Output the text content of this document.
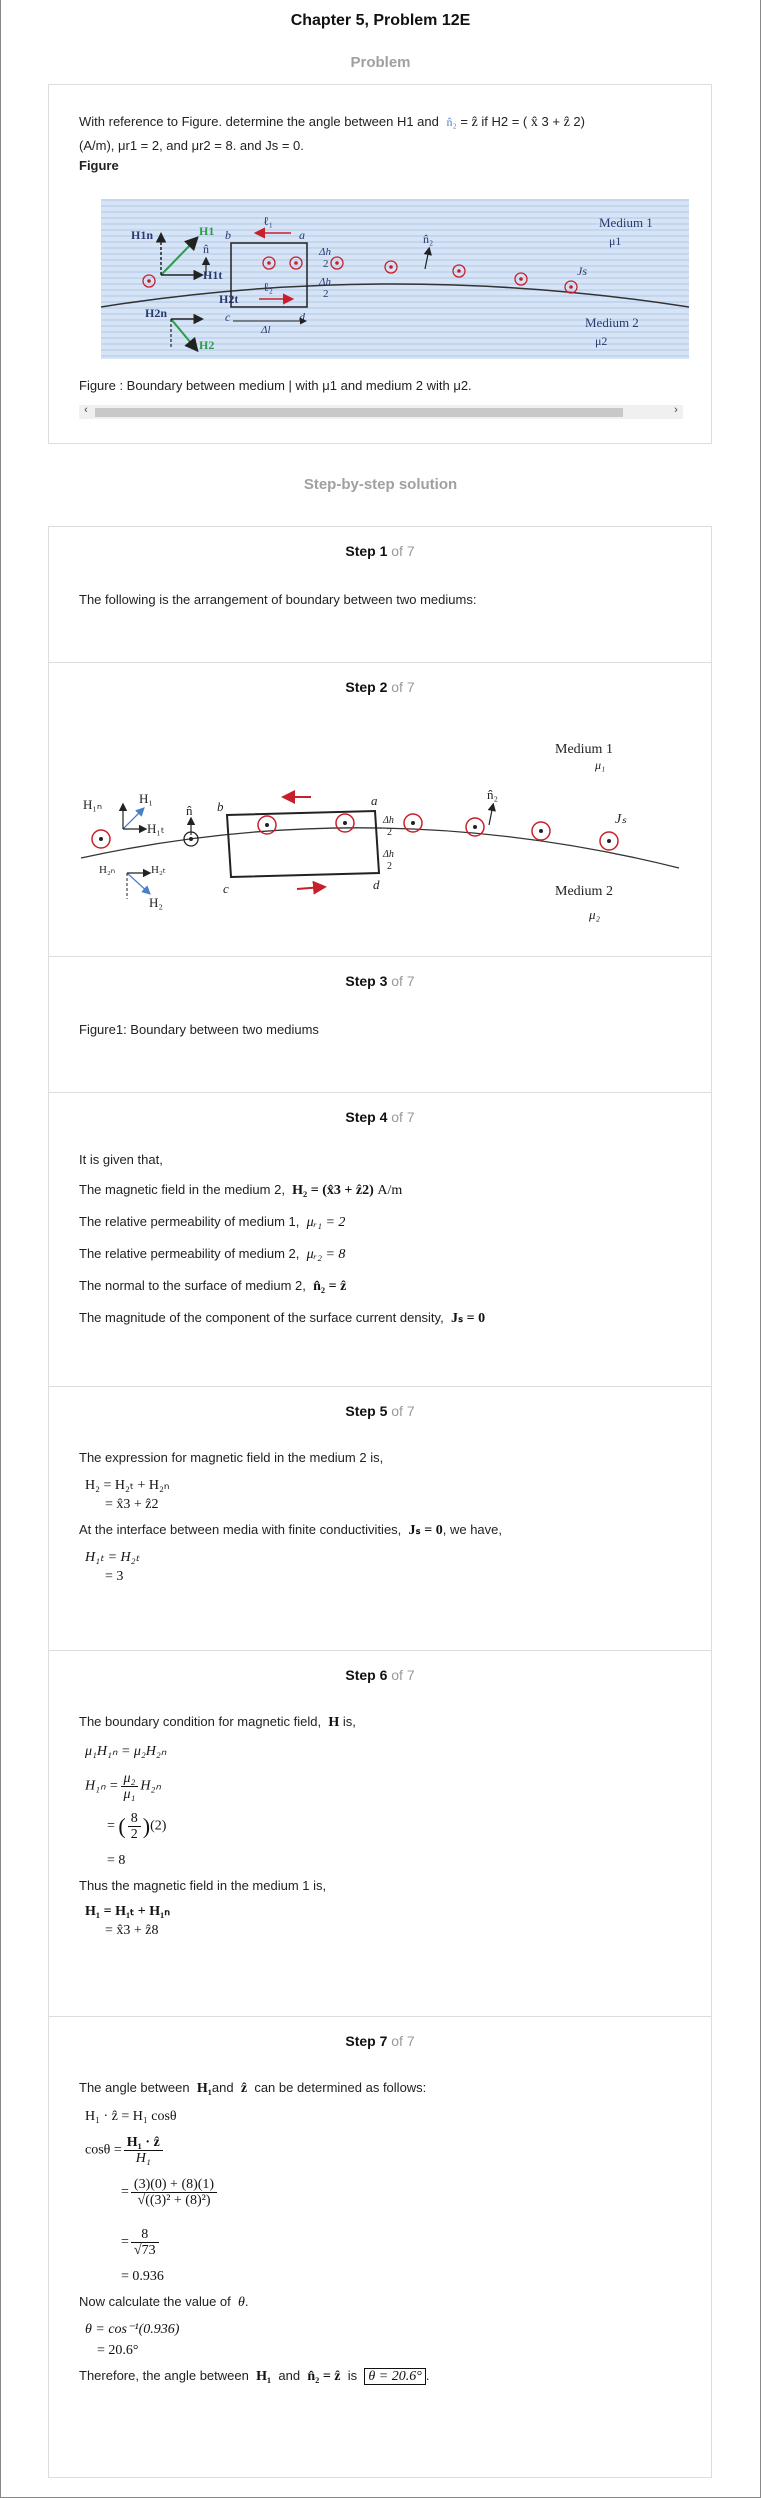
Chapter 5, Problem 12E
Problem
With reference to Figure. determine the angle between H1 and n̂₂ = ẑ if H2 = ( x̂ 3 + ẑ 2)
(A/m), μr1 = 2, and μr2 = 8. and Js = 0.
Figure
H1n	H1
H1t
H2t
H2n
H2
n̂
b	a
c	d
ℓ₁
ℓ₂
Δl
Δh
2
Δh
2
n̂₂
Js
Medium 1
μ1
Medium 2
μ2
Figure : Boundary between medium | with μ1 and medium 2 with μ2.
‹	›
Step-by-step solution
Step 1 of 7
The following is the arrangement of boundary between two mediums:
Step 2 of 7
H₁ₙ	H₁
H₁ₜ
H₂ₙ	H₂ₜ
H₂
n̂ b	a
c	d
Δh
2
Δh
2
n̂₂
Jₛ
Medium 1
μ₁
Medium 2
μ₂
Step 3 of 7
Figure1: Boundary between two mediums
Step 4 of 7
It is given that,
The magnetic field in the medium 2, H₂ = (x̂3 + ẑ2) A/m
The relative permeability of medium 1, μᵣ₁ = 2
The relative permeability of medium 2, μᵣ₂ = 8
The normal to the surface of medium 2, n̂₂ = ẑ
The magnitude of the component of the surface current density, Jₛ = 0
Step 5 of 7
The expression for magnetic field in the medium 2 is,
H₂ = H₂ₜ + H₂ₙ
= x̂3 + ẑ2
At the interface between media with finite conductivities, Jₛ = 0, we have,
H₁ₜ = H₂ₜ
= 3
Step 6 of 7
The boundary condition for magnetic field, H is,
μ₁H₁ₙ = μ₂H₂ₙ
$H_{1n} = \frac{\text{μ₂}}{\text{μ₁}} H_{2n}$
= ( $\frac{8}{2} )(2)$
= 8
Thus the magnetic field in the medium 1 is,
H₁ = H₁ₜ + H₁ₙ
= x̂3 + ẑ8
Step 7 of 7
The angle between H₁and ẑ can be determined as follows:
H₁ · ẑ = H₁ cosθ
$\cos\theta = \frac{\text{H₁ · ẑ}}{\text{H₁}}$
= $\frac{(3)(0) + (8)(1)}{\text{√((3)² + (8)²)}}$
= $\frac{8}{√73}$
= 0.936
Now calculate the value of θ.
θ = cos⁻¹(0.936)
= 20.6°
Therefore, the angle between H₁ and n̂₂ = ẑ is θ = 20.6° .
